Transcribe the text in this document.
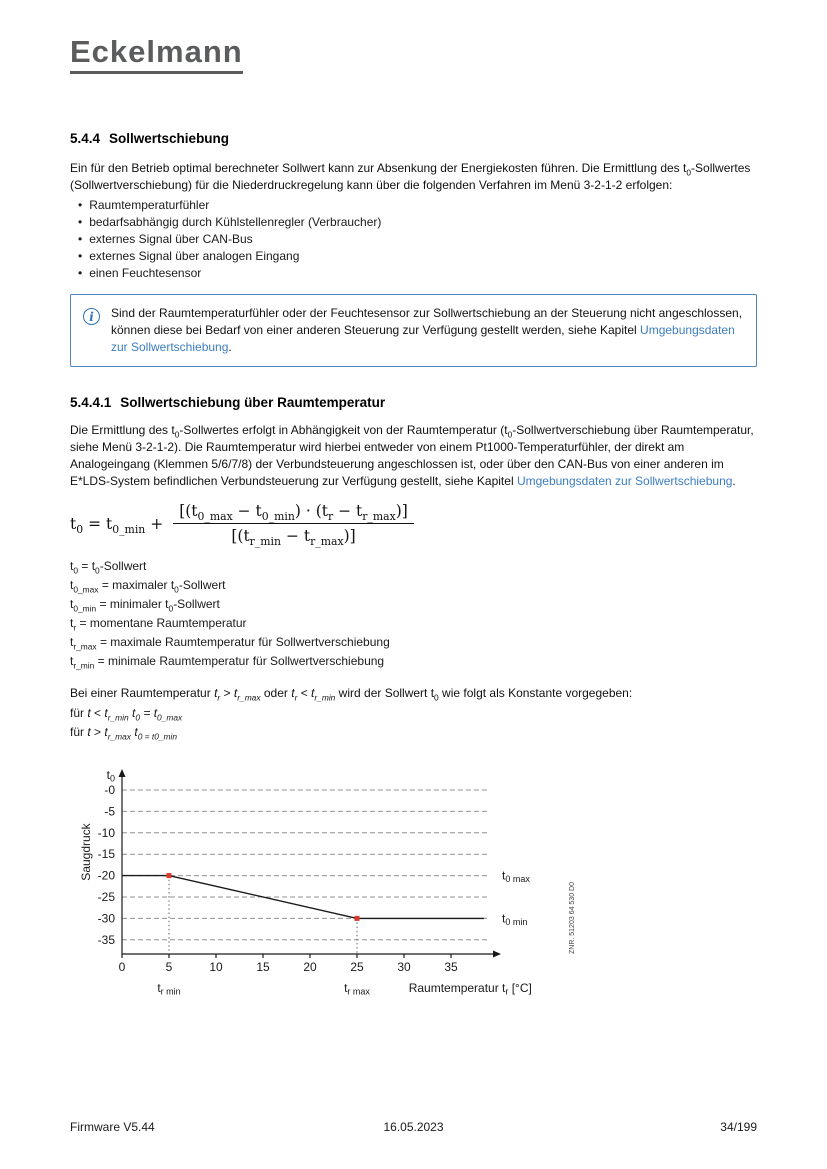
Eckelmann
5.4.4 Sollwertschiebung

Ein für den Betrieb optimal berechneter Sollwert kann zur Absenkung der Energiekosten führen. Die Ermittlung des $t_0$-Sollwertes (Sollwertverschiebung) für die Niederdruckregelung kann über die folgenden Verfahren im Menü 3-2-1-2 erfolgen:

• Raumtemperaturfühler
• bedarfsabhängig durch Kühlstellenregler (Verbraucher)
• externes Signal über CAN-Bus
• externes Signal über analogen Eingang
• einen Feuchtesensor
i	Sind der Raumtemperaturfühler oder der Feuchtesensor zur Sollwertschiebung an der Steuerung nicht angeschlossen, können diese bei Bedarf von einer anderen Steuerung zur Verfügung gestellt werden, siehe Kapitel Umgebungsdaten zur Sollwertschiebung.

5.4.4.1 Sollwertschiebung über Raumtemperatur

Die Ermittlung des $t_0$-Sollwertes erfolgt in Abhängigkeit von der Raumtemperatur ($t_0$-Sollwertverschiebung über Raumtemperatur, siehe Menü 3-2-1-2). Die Raumtemperatur wird hierbei entweder von einem Pt1000-Temperaturfühler, der direkt am Analogeingang (Klemmen 5/6/7/8) der Verbundsteuerung angeschlossen ist, oder über den CAN-Bus von einer anderen im E*LDS-System befindlichen Verbundsteuerung zur Verfügung gestellt, siehe Kapitel Umgebungsdaten zur Sollwertschiebung.

$t_0 = t_{0\_min} + \frac{[(t_{0\_max} - t_{0\_min}) \cdot (t_r - t_{r\_max})]}{[(t_{r\_min} - t_{r\_max})]}$
$t_0$ = $t_0$-Sollwert
$t_{0\_max}$ = maximaler $t_0$-Sollwert
$t_{0\_min}$ = minimaler $t_0$-Sollwert
$t_r$ = momentane Raumtemperatur
$t_{r\_max}$ = maximale Raumtemperatur für Sollwertverschiebung
$t_{r\_min}$ = minimale Raumtemperatur für Sollwertverschiebung

Bei einer Raumtemperatur $t_r > t_{r\_max}$ oder $t_r < t_{r\_min}$ wird der Sollwert $t_0$ wie folgt als Konstante vorgegeben:

für $t < t_{r\_min}$ $t_0 = t_{0\_max}$
für $t > t_{r\_max}$ $t_{0 = t0\_min}$
-0
-5
-10
-15
-20
-25
-30
-35
0	5	10	15	20	25	30	35
$t_{0 max}$
$t_{0 min}$
$t_{r min}$	$t_{r max}$
$t_0$
Saugdruck
Raumtemperatur $t_r$ [°C]
ZNR. 51203 64 530 D0
Firmware V5.44	16.05.2023	34/199
